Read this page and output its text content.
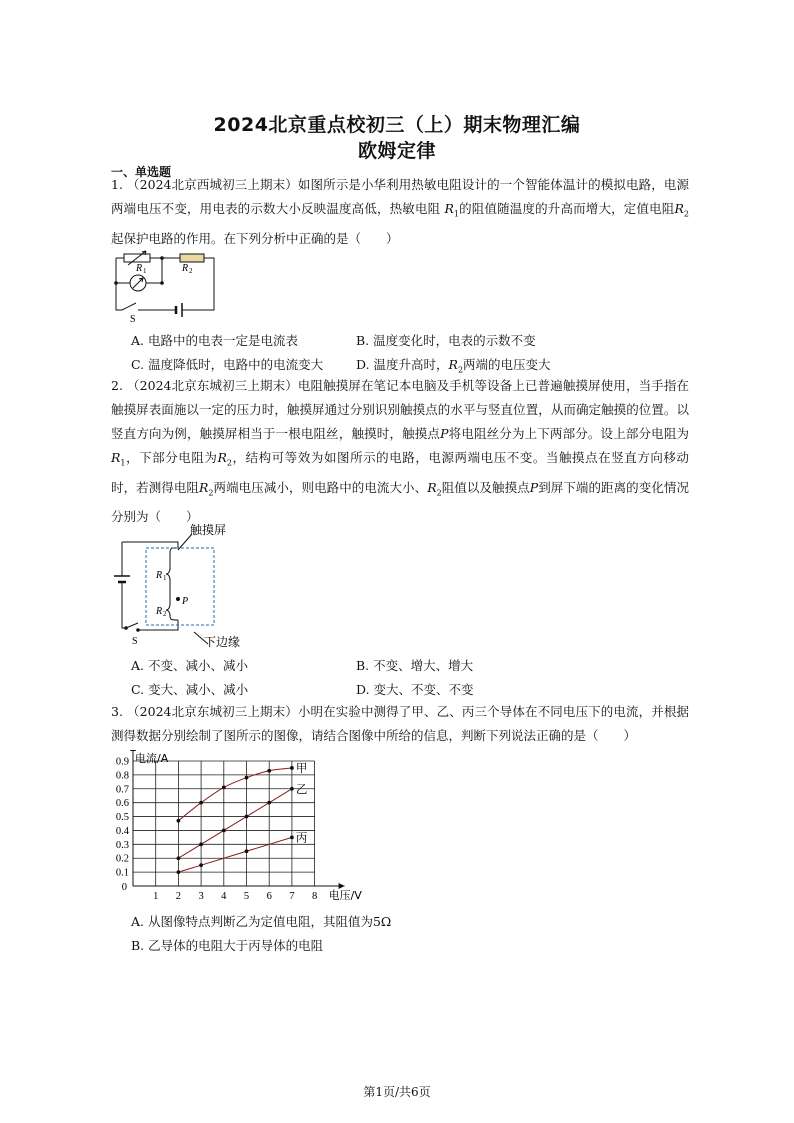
2024北京重点校初三（上）期末物理汇编
欧姆定律
一、单选题

1. （2024北京西城初三上期末）如图所示是小华利用热敏电阻设计的一个智能体温计的模拟电路，电源两端电压不变，用电表的示数大小反映温度高低，热敏电阻 $R_1$的阻值随温度的升高而增大，定值电阻$R_2$起保护电路的作用。在下列分析中正确的是（　　）

R 1	R 2
S
A. 电路中的电表一定是电流表	B. 温度变化时，电表的示数不变
C. 温度降低时，电路中的电流变大	D. 温度升高时，$R_2$两端的电压变大

2. （2024北京东城初三上期末）电阻触摸屏在笔记本电脑及手机等设备上已普遍触摸屏使用，当手指在触摸屏表面施以一定的压力时，触摸屏通过分别识别触摸点的水平与竖直位置，从而确定触摸的位置。以竖直方向为例，触摸屏相当于一根电阻丝，触摸时，触摸点P将电阻丝分为上下两部分。设上部分电阻为$R_1$，下部分电阻为$R_2$，结构可等效为如图所示的电路，电源两端电压不变。当触摸点在竖直方向移动时，若测得电阻$R_2$两端电压减小，则电路中的电流大小、$R_2$阻值以及触摸点P到屏下端的距离的变化情况分别为（　　）

触摸屏
下边缘
R 1
R 2
P
S
A. 不变、减小、减小	B. 不变、增大、增大
C. 变大、减小、减小	D. 变大、不变、不变

3. （2024北京东城初三上期末）小明在实验中测得了甲、乙、丙三个导体在不同电压下的电流，并根据测得数据分别绘制了图所示的图像，请结合图像中所给的信息，判断下列说法正确的是（　　）

1 2 3 4 5 6 7 8
0.1
0.2
0.3
0.4
0.5
0.6
0.7
0.8
0.9
0
电压/V
电流/A
甲
乙
丙
A. 从图像特点判断乙为定值电阻，其阻值为5Ω
B. 乙导体的电阻大于丙导体的电阻
第1页/共6页
